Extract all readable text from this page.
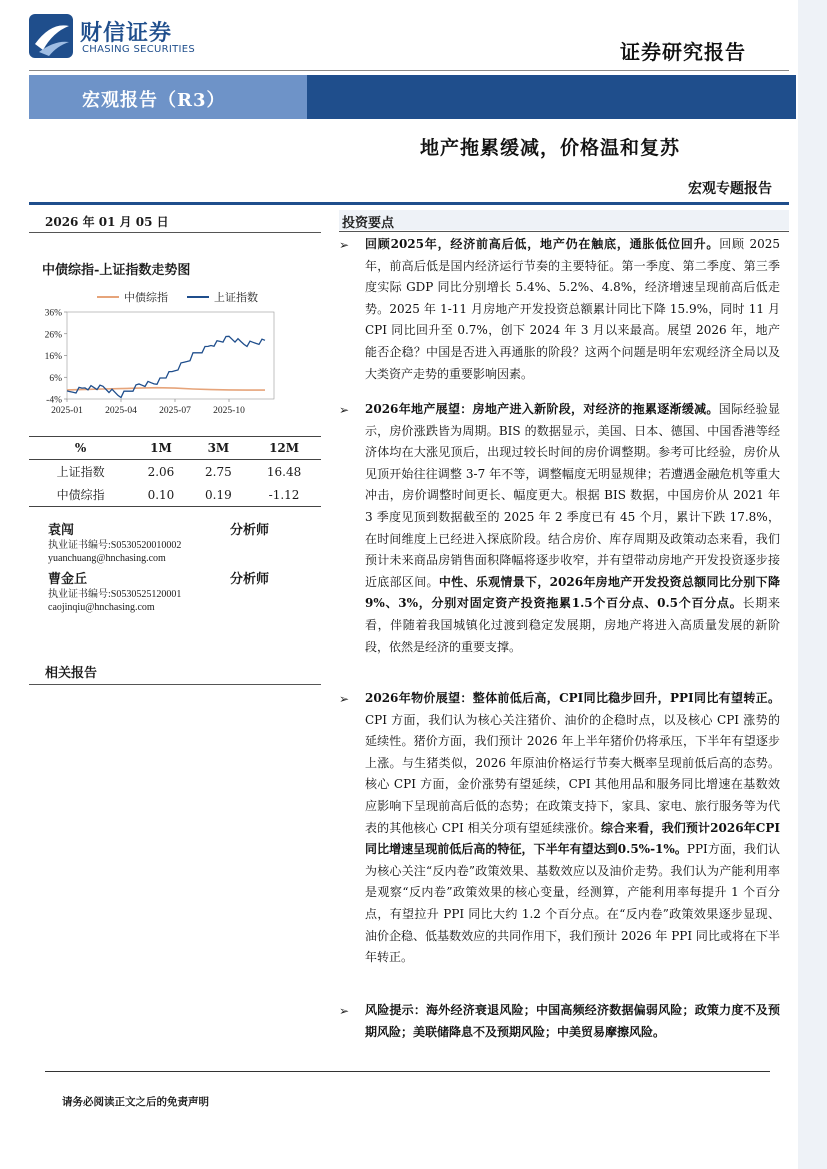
财信证券
CHASING SECURITIES	证券研究报告
宏观报告（R3）
地产拖累缓减，价格温和复苏
宏观专题报告
2026 年 01 月 05 日
中债综指-上证指数走势图
36%
26%
16%
6%
-4%
2025-01 2025-04 2025-07 2025-10
中债综指	上证指数
%	1M	3M	12M
上证指数	2.06	2.75	16.48
中债综指	0.10	0.19	-1.12
袁闯	分析师
执业证书编号:S0530520010002
yuanchuang@hnchasing.com
曹金丘	分析师
执业证书编号:S0530525120001
caojinqiu@hnchasing.com
相关报告
投资要点
➢ 回顾2025年，经济前高后低，地产仍在触底，通胀低位回升。回顾 2025 年，前高后低是国内经济运行节奏的主要特征。第一季度、第二季度、第三季度实际 GDP 同比分别增长 5.4%、5.2%、4.8%，经济增速呈现前高后低走势。2025 年 1-11 月房地产开发投资总额累计同比下降 15.9%，同时 11 月 CPI 同比回升至 0.7%，创下 2024 年 3 月以来最高。展望 2026 年，地产能否企稳？中国是否进入再通胀的阶段？这两个问题是明年宏观经济全局以及大类资产走势的重要影响因素。
➢ 2026年地产展望：房地产进入新阶段，对经济的拖累逐渐缓减。国际经验显示，房价涨跌皆为周期。BIS 的数据显示，美国、日本、德国、中国香港等经济体均在大涨见顶后，出现过较长时间的房价调整期。参考可比经验，房价从见顶开始往往调整 3-7 年不等，调整幅度无明显规律；若遭遇金融危机等重大冲击，房价调整时间更长、幅度更大。根据 BIS 数据，中国房价从 2021 年 3 季度见顶到数据截至的 2025 年 2 季度已有 45 个月，累计下跌 17.8%，在时间维度上已经进入探底阶段。结合房价、库存周期及政策动态来看，我们预计未来商品房销售面积降幅将逐步收窄，并有望带动房地产开发投资逐步接近底部区间。中性、乐观情景下，2026年房地产开发投资总额同比分别下降9%、3%，分别对固定资产投资拖累1.5个百分点、0.5个百分点。长期来看，伴随着我国城镇化过渡到稳定发展期，房地产将进入高质量发展的新阶段，依然是经济的重要支撑。
➢ 2026年物价展望：整体前低后高，CPI同比稳步回升，PPI同比有望转正。CPI 方面，我们认为核心关注猪价、油价的企稳时点，以及核心 CPI 涨势的延续性。猪价方面，我们预计 2026 年上半年猪价仍将承压，下半年有望逐步上涨。与生猪类似，2026 年原油价格运行节奏大概率呈现前低后高的态势。核心 CPI 方面，金价涨势有望延续，CPI 其他用品和服务同比增速在基数效应影响下呈现前高后低的态势；在政策支持下，家具、家电、旅行服务等为代表的其他核心 CPI 相关分项有望延续涨价。综合来看，我们预计2026年CPI同比增速呈现前低后高的特征，下半年有望达到0.5%-1%。PPI方面，我们认为核心关注“反内卷”政策效果、基数效应以及油价走势。我们认为产能利用率是观察“反内卷”政策效果的核心变量，经测算，产能利用率每提升 1 个百分点，有望拉升 PPI 同比大约 1.2 个百分点。在“反内卷”政策效果逐步显现、油价企稳、低基数效应的共同作用下，我们预计 2026 年 PPI 同比或将在下半年转正。
➢ 风险提示：海外经济衰退风险；中国高频经济数据偏弱风险；政策力度不及预期风险；美联储降息不及预期风险；中美贸易摩擦风险。
请务必阅读正文之后的免责声明
